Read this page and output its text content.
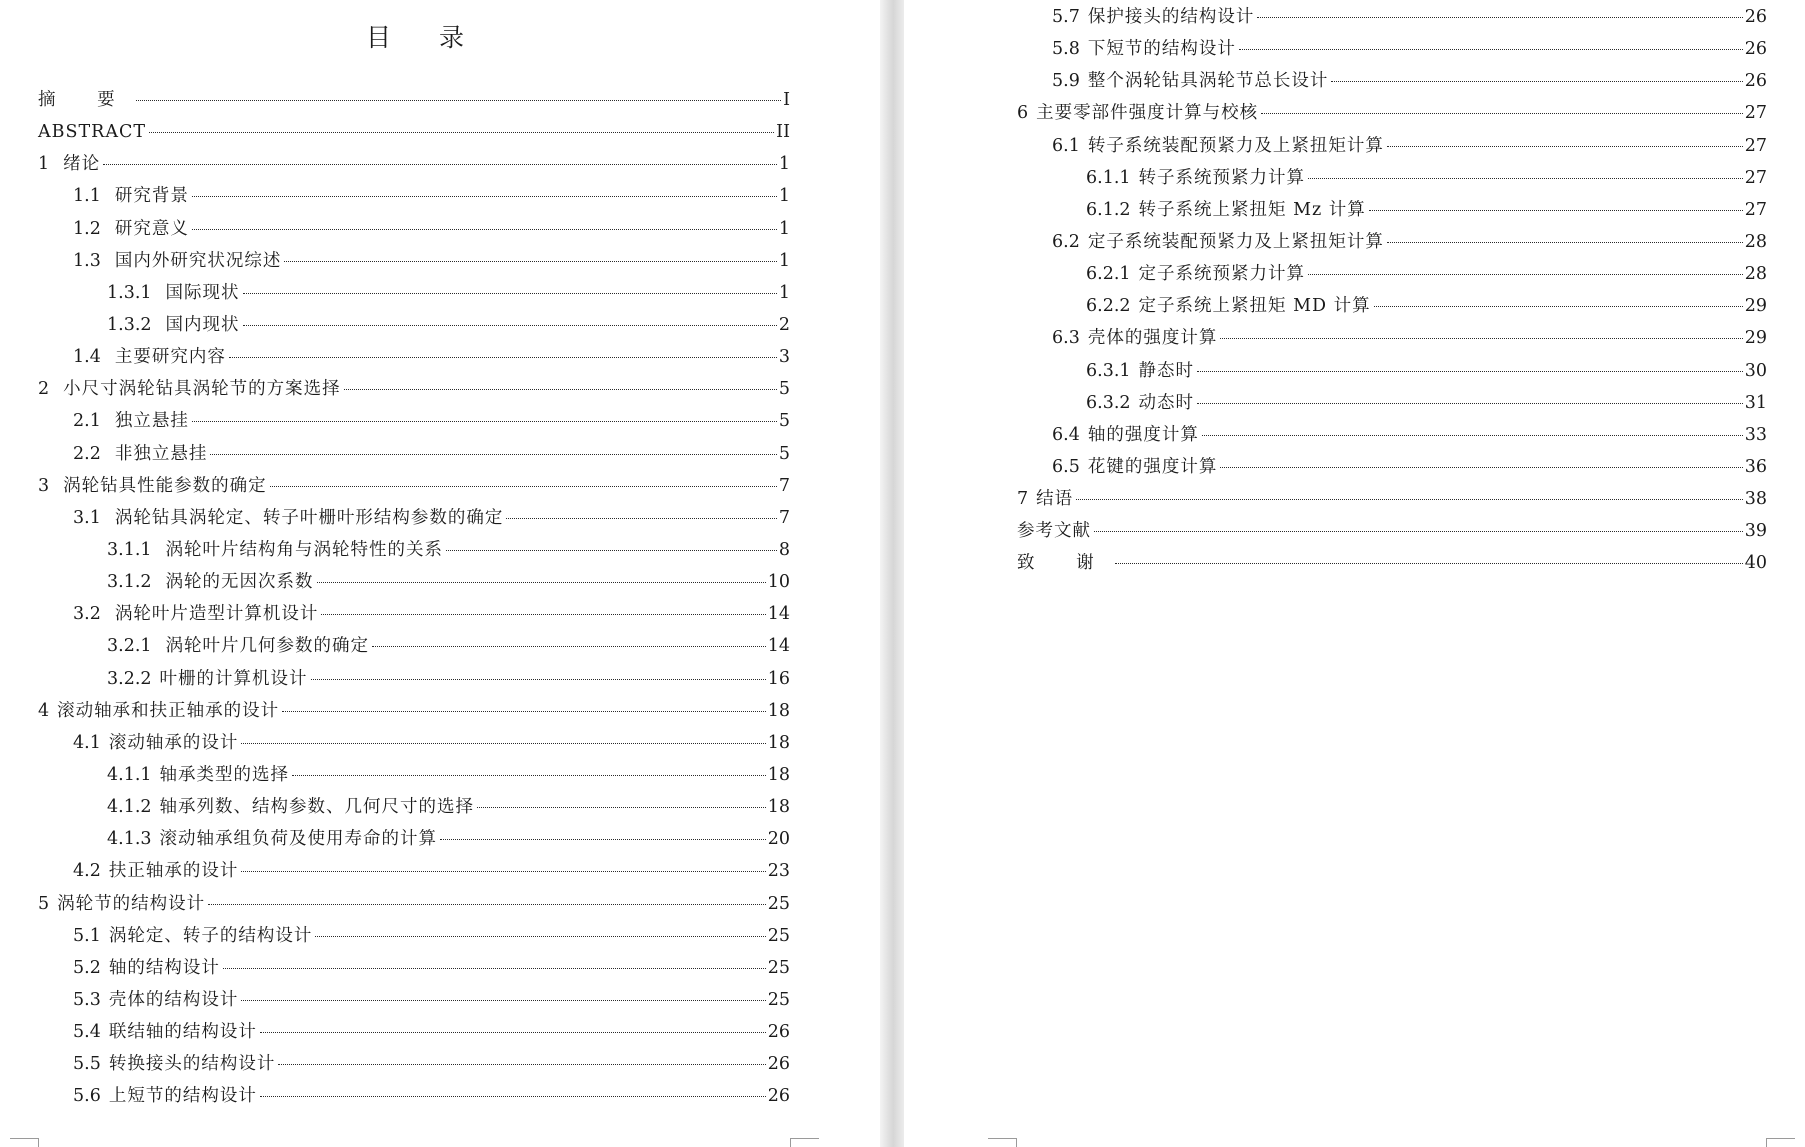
目 录
摘 要	I
ABSTRACT	II
1 绪论	1
1.1 研究背景	1
1.2 研究意义	1
1.3 国内外研究状况综述	1
1.3.1 国际现状	1
1.3.2 国内现状	2
1.4 主要研究内容	3
2 小尺寸涡轮钻具涡轮节的方案选择	5
2.1 独立悬挂	5
2.2 非独立悬挂	5
3 涡轮钻具性能参数的确定	7
3.1 涡轮钻具涡轮定、转子叶栅叶形结构参数的确定	7
3.1.1 涡轮叶片结构角与涡轮特性的关系	8
3.1.2 涡轮的无因次系数	10
3.2 涡轮叶片造型计算机设计	14
3.2.1 涡轮叶片几何参数的确定	14
3.2.2 叶栅的计算机设计	16
4 滚动轴承和扶正轴承的设计	18
4.1 滚动轴承的设计	18
4.1.1 轴承类型的选择	18
4.1.2 轴承列数、结构参数、几何尺寸的选择	18
4.1.3 滚动轴承组负荷及使用寿命的计算	20
4.2 扶正轴承的设计	23
5 涡轮节的结构设计	25
5.1 涡轮定、转子的结构设计	25
5.2 轴的结构设计	25
5.3 壳体的结构设计	25
5.4 联结轴的结构设计	26
5.5 转换接头的结构设计	26
5.6 上短节的结构设计	26
5.7 保护接头的结构设计	26
5.8 下短节的结构设计	26
5.9 整个涡轮钻具涡轮节总长设计	26
6 主要零部件强度计算与校核	27
6.1 转子系统装配预紧力及上紧扭矩计算	27
6.1.1 转子系统预紧力计算	27
6.1.2 转子系统上紧扭矩 Mz 计算	27
6.2 定子系统装配预紧力及上紧扭矩计算	28
6.2.1 定子系统预紧力计算	28
6.2.2 定子系统上紧扭矩 MD 计算	29
6.3 壳体的强度计算	29
6.3.1 静态时	30
6.3.2 动态时	31
6.4 轴的强度计算	33
6.5 花键的强度计算	36
7 结语	38
参考文献	39
致 谢	40
